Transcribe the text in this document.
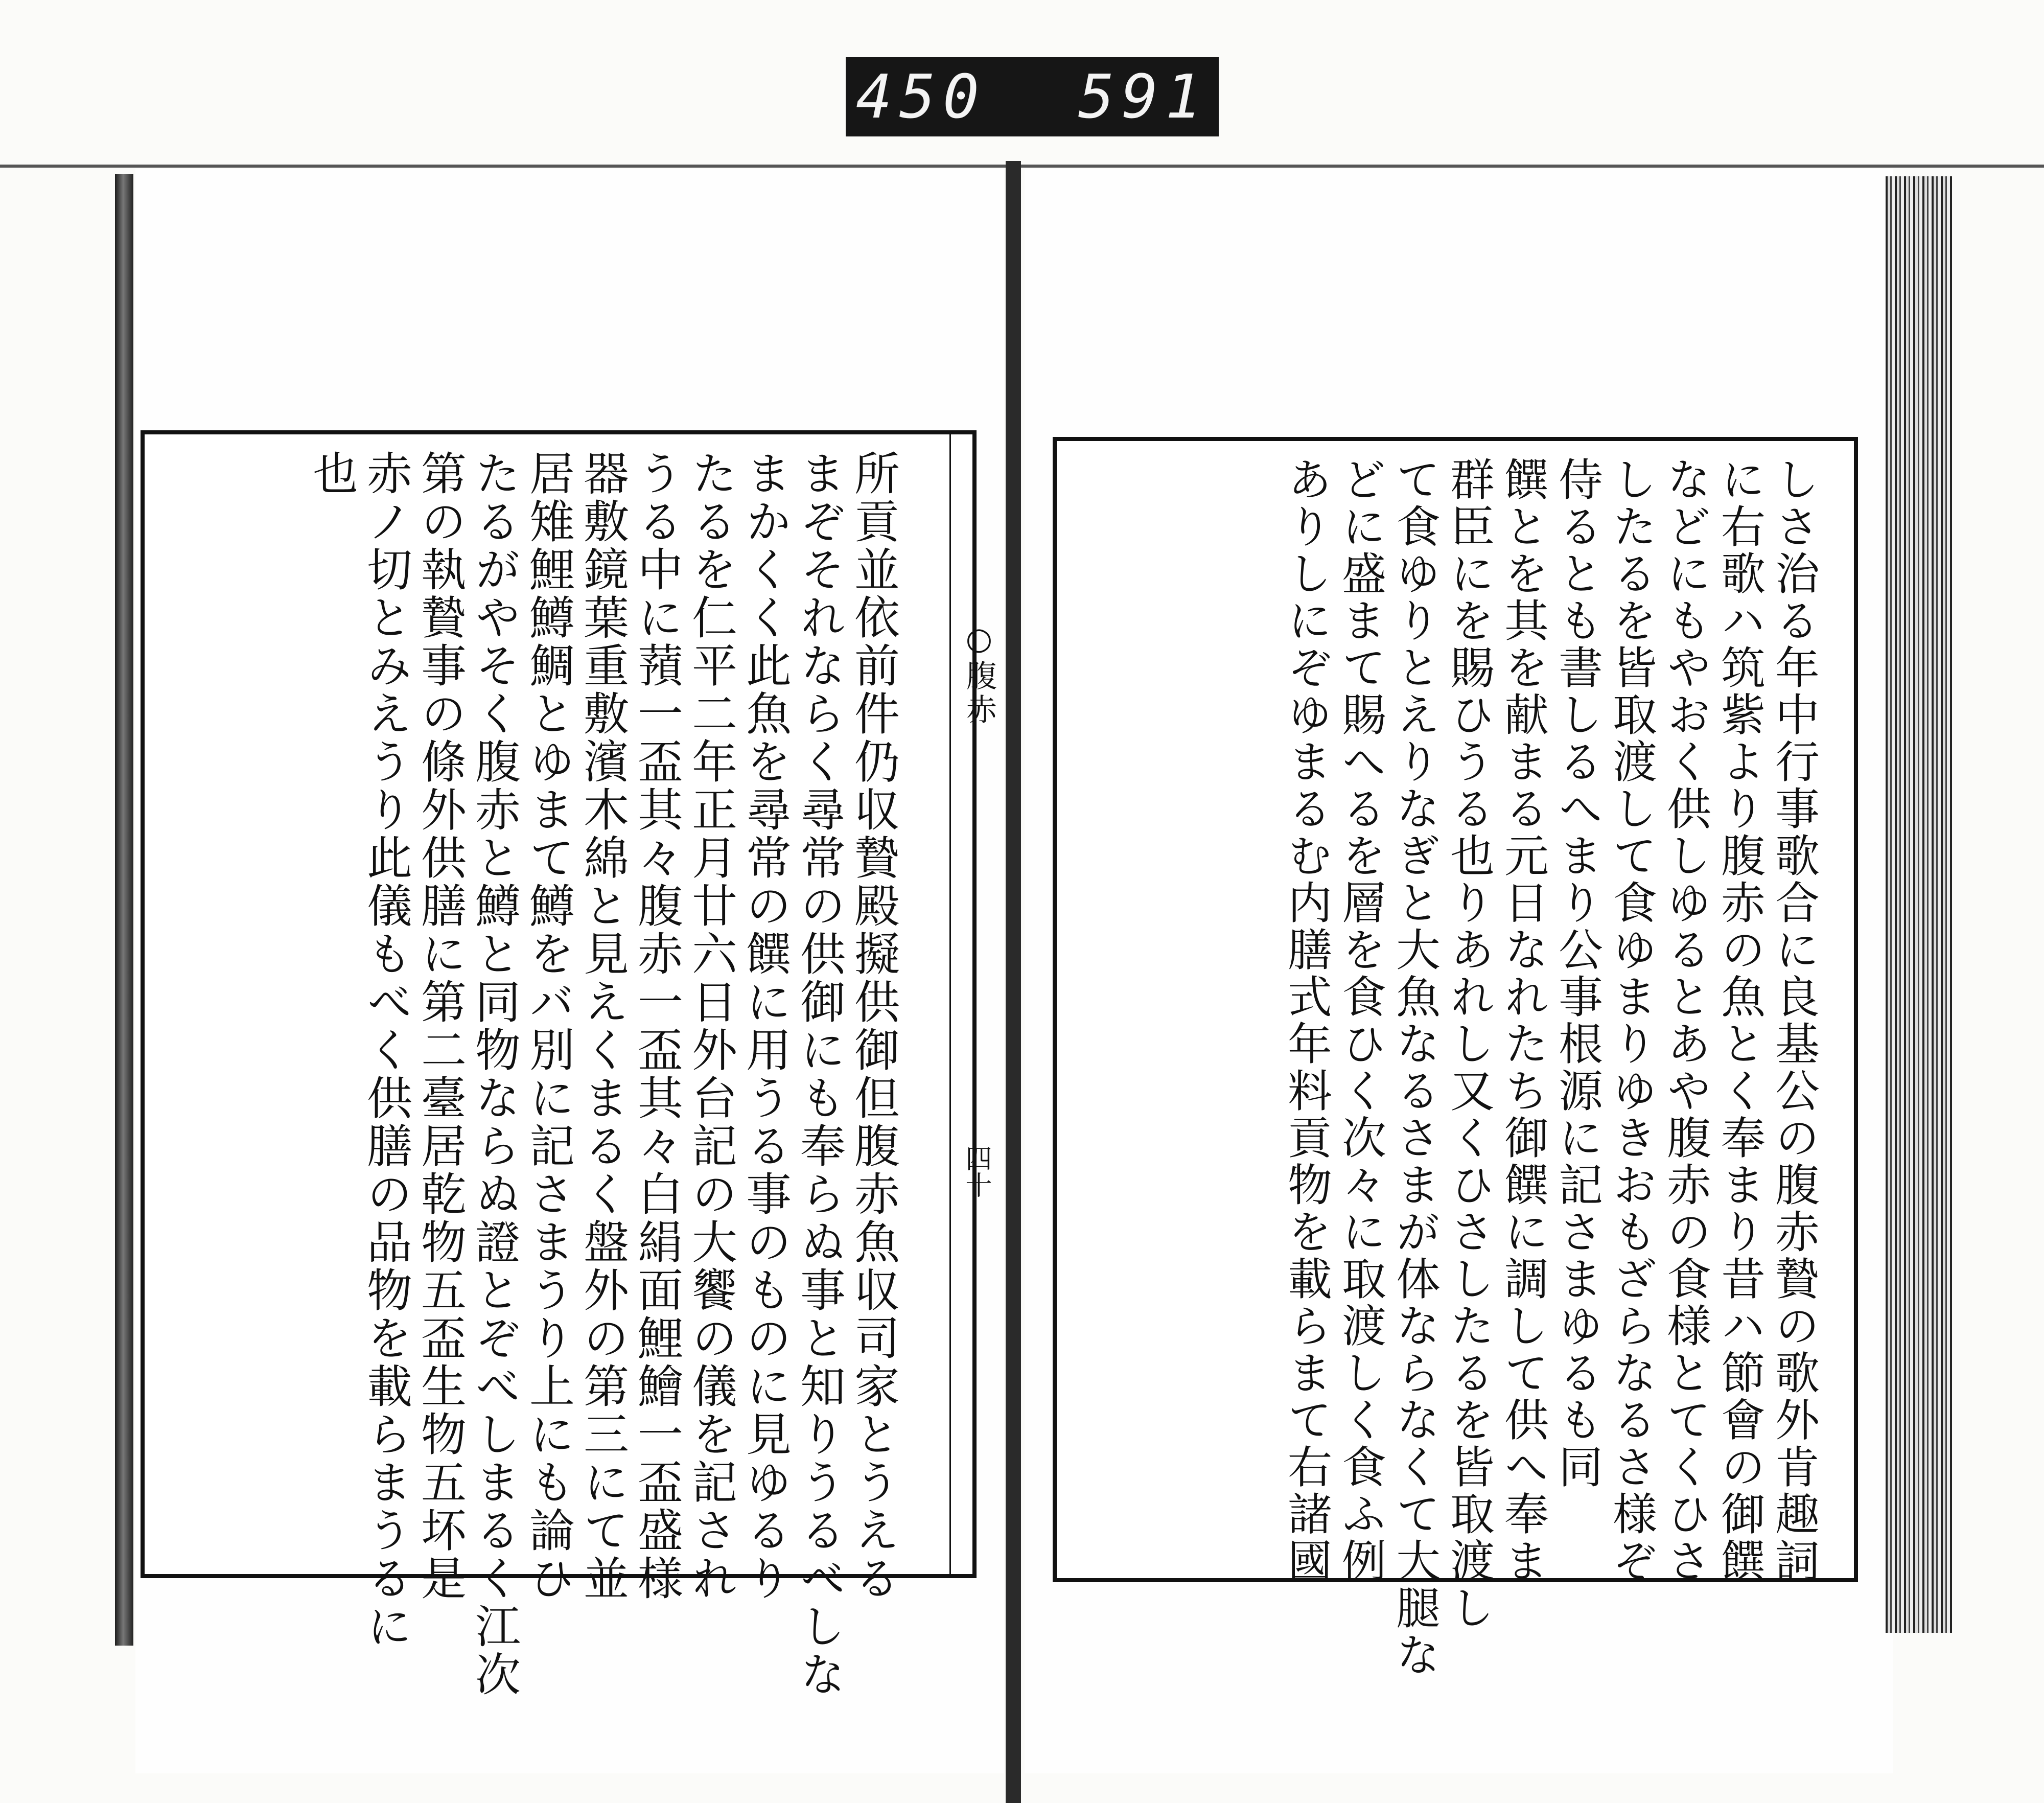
450 591
所貢並依前件仍収贄殿擬供御但腹赤魚収司家とうえる
まぞそれならく尋常の供御にも奉らぬ事と知りうるべしな
まかくく此魚を尋常の饌に用うる事のものに見ゆるり
たるを仁平二年正月廿六日外台記の大饗の儀を記され
うる中に蕷一盃其々腹赤一盃其々白絹面鯉鱠一盃盛様
器敷鏡葉重敷濱木綿と見えくまるく盤外の第三にて並
居雉鯉鱒鯛とゆまて鱒をバ別に記さまうり上にも論ひ
たるがやそく腹赤と鱒と同物ならぬ證とぞべしまるく江次
第の執贄事の條外供膳に第二臺居乾物五盃生物五坏是
赤ノ切とみえうり此儀もべく供膳の品物を載らまうるに
也
○腹赤
四十	しさ治る年中行事歌合に良基公の腹赤贄の歌外肯趣詞
に右歌ハ筑紫より腹赤の魚とく奉まり昔ハ節會の御饌
などにもやおく供しゆるとあや腹赤の食様とてくひさ
したるを皆取渡して食ゆまりゆきおもざらなるさ様ぞ
侍るとも書しるへまり公事根源に記さまゆるも同
饌とを其を献まる元日なれたち御饌に調して供へ奉ま
群臣にを賜ひうる也りあれし又くひさしたるを皆取渡し
て食ゆりとえりなぎと大魚なるさまが体ならなくて大腿な
どに盛まて賜へるを層を食ひく次々に取渡しく食ふ例
ありしにぞゆまるむ内膳式年料貢物を載らまて右諸國
